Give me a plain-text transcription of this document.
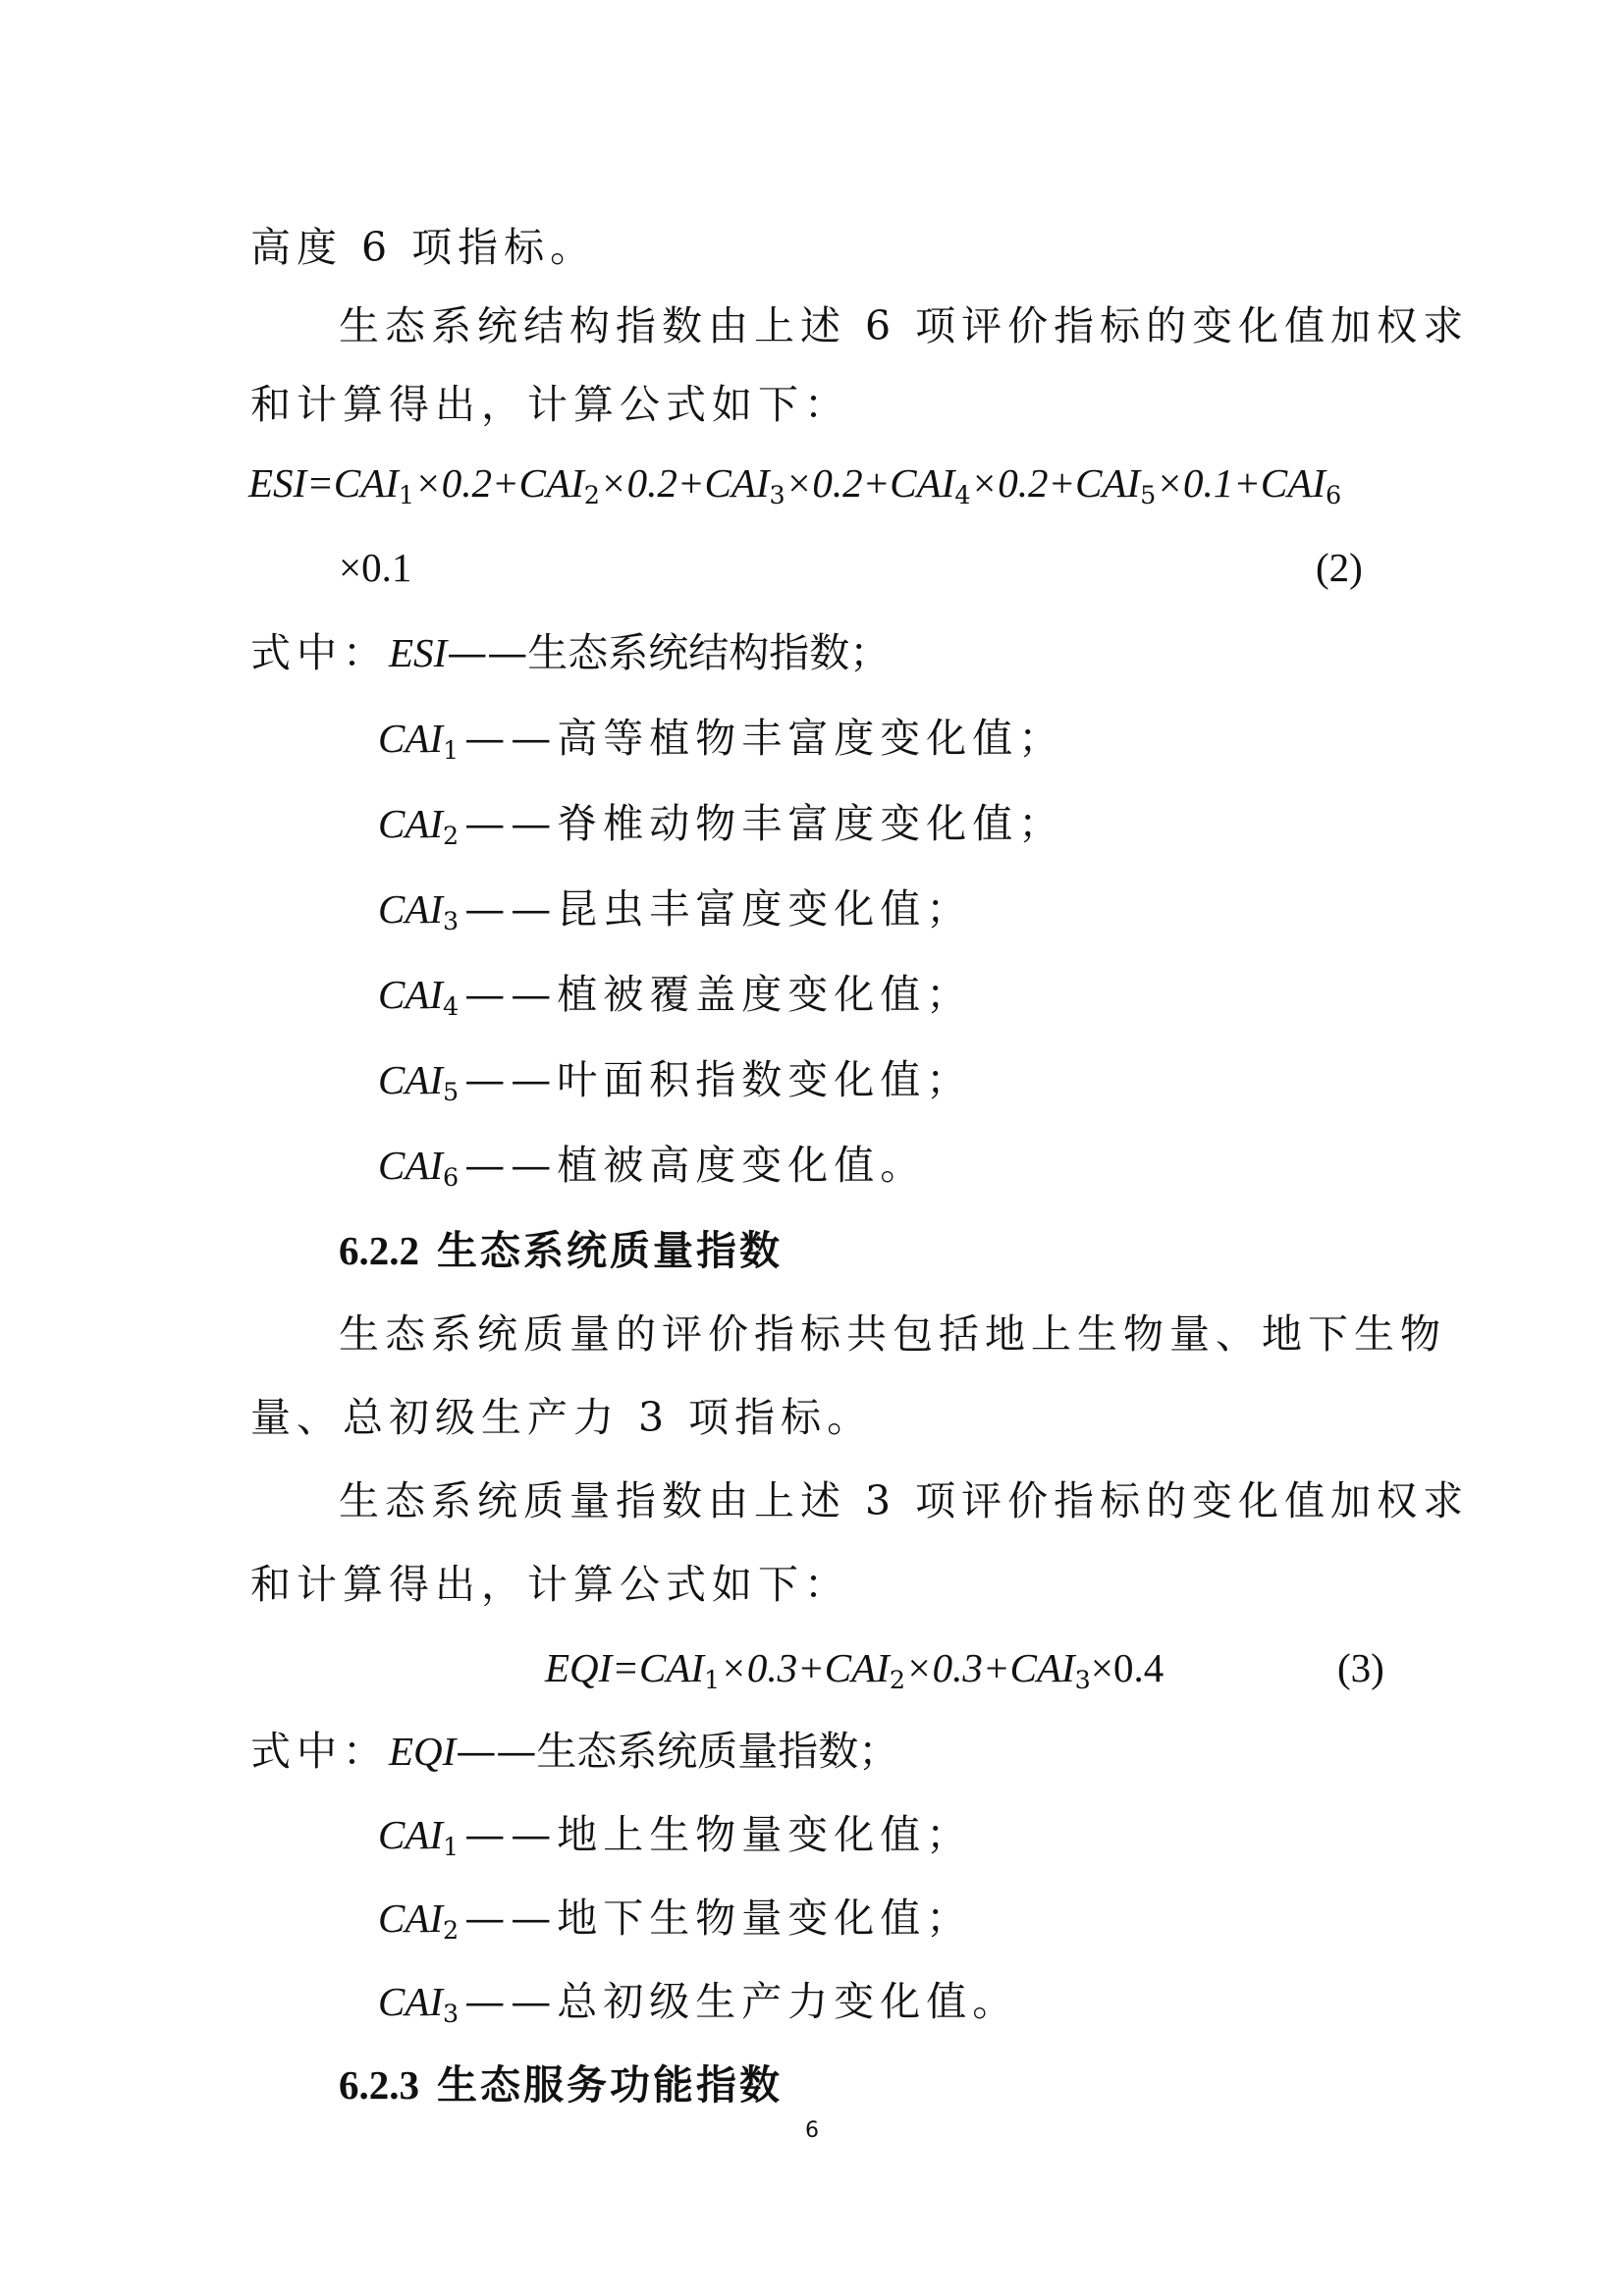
高度 6 项指标。
生态系统结构指数由上述 6 项评价指标的变化值加权求
和计算得出，计算公式如下：
$ESI=CAI_1\times 0.2+CAI_2\times 0.2+CAI_3\times 0.2+CAI_4\times 0.2+CAI_5\times 0.1+CAI_6$
×0.1	(2)
式中：ESI——生态系统结构指数；
$CAI_1——$高等植物丰富度变化值；
$CAI_2——$脊椎动物丰富度变化值；
$CAI_3——$昆虫丰富度变化值；
$CAI_4——$植被覆盖度变化值；
$CAI_5——$叶面积指数变化值；
$CAI_6——$植被高度变化值。
6.2.2 生态系统质量指数
生态系统质量的评价指标共包括地上生物量、地下生物
量、总初级生产力 3 项指标。
生态系统质量指数由上述 3 项评价指标的变化值加权求
和计算得出，计算公式如下：
$EQI=CAI_1\times 0.3+CAI_2\times 0.3+CAI_3\times 0.4$	(3)
式中：EQI——生态系统质量指数；
$CAI_1——$地上生物量变化值；
$CAI_2——$地下生物量变化值；
$CAI_3——$总初级生产力变化值。
6.2.3 生态服务功能指数
6
